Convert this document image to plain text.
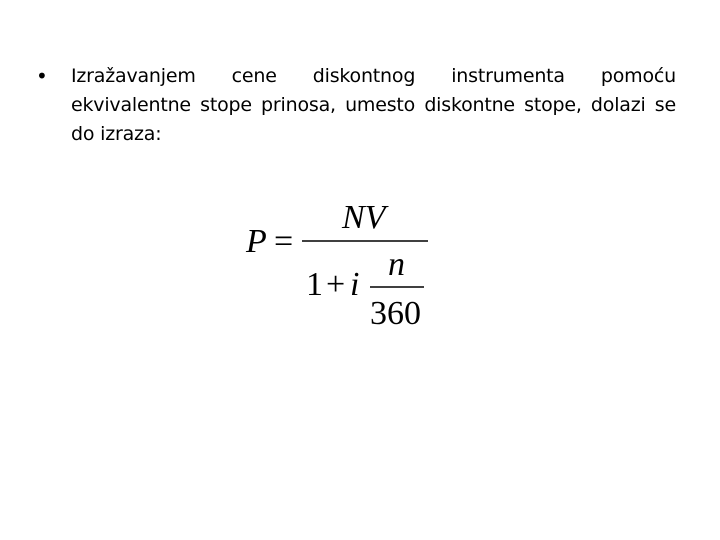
• Izražavanjem cene diskontnog instrumenta pomoću ekvivalentne stope prinosa, umesto diskontne stope, dolazi se do izraza:
P =
NV
1 + i
n
360
